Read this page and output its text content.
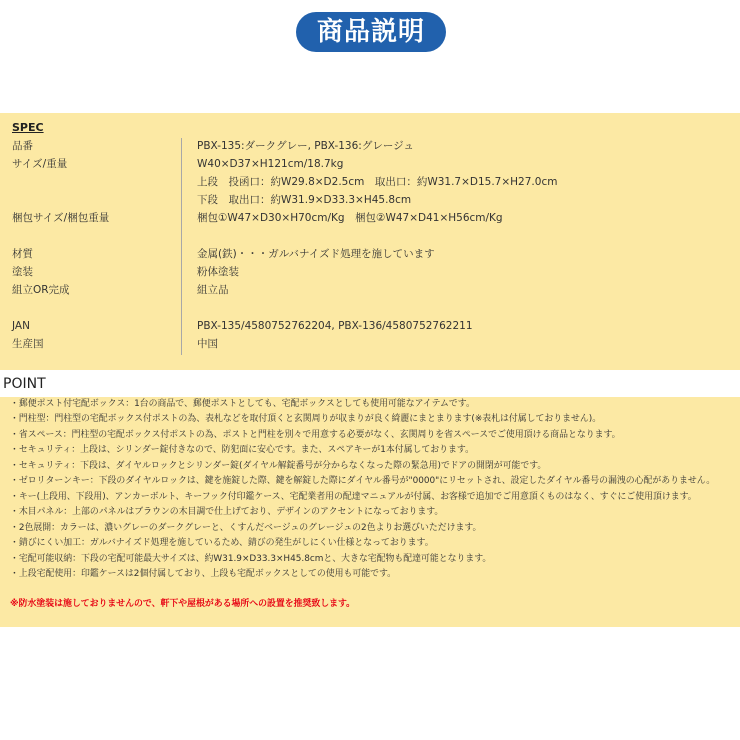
商品説明
SPEC
品番	PBX-135:ダークグレー, PBX-136:グレージュ
サイズ/重量	W40×D37×H121cm/18.7kg
上段　投函口：約W29.8×D2.5cm　取出口：約W31.7×D15.7×H27.0cm
下段　取出口：約W31.9×D33.3×H45.8cm
梱包サイズ/梱包重量	梱包①W47×D30×H70cm/Kg　梱包②W47×D41×H56cm/Kg
材質	金属(鉄)・・・ガルバナイズド処理を施しています
塗装	粉体塗装
組立OR完成	組立品
JAN	PBX-135/4580752762204, PBX-136/4580752762211
生産国	中国
POINT
・郵便ポスト付宅配ボックス：1台の商品で、郵便ポストとしても、宅配ボックスとしても使用可能なアイテムです。
・門柱型：門柱型の宅配ボックス付ポストの為、表札などを取付頂くと玄関周りが収まりが良く綺麗にまとまります(※表札は付属しておりません)。
・省スペース：門柱型の宅配ボックス付ポストの為、ポストと門柱を別々で用意する必要がなく、玄関周りを省スペースでご使用頂ける商品となります。
・セキュリティ：上段は、シリンダー錠付きなので、防犯面に安心です。また、スペアキーが1本付属しております。
・セキュリティ：下段は、ダイヤルロックとシリンダー錠(ダイヤル解錠番号が分からなくなった際の緊急用)でドアの開閉が可能です。
・ゼロリターンキー：下段のダイヤルロックは、鍵を施錠した際、鍵を解錠した際にダイヤル番号が"0000"にリセットされ、設定したダイヤル番号の漏洩の心配がありません。
・キー(上段用、下段用)、アンカーボルト、キーフック付印鑑ケース、宅配業者用の配達マニュアルが付属、お客様で追加でご用意頂くものはなく、すぐにご使用頂けます。
・木目パネル：上部のパネルはブラウンの木目調で仕上げており、デザインのアクセントになっております。
・2色展開：カラーは、濃いグレーのダークグレーと、くすんだベージュのグレージュの2色よりお選びいただけます。
・錆びにくい加工：ガルバナイズド処理を施しているため、錆びの発生がしにくい仕様となっております。
・宅配可能収納：下段の宅配可能最大サイズは、約W31.9×D33.3×H45.8cmと、大きな宅配物も配達可能となります。
・上段宅配使用：印鑑ケースは2個付属しており、上段も宅配ボックスとしての使用も可能です。
※防水塗装は施しておりませんので、軒下や屋根がある場所への設置を推奨致します。
